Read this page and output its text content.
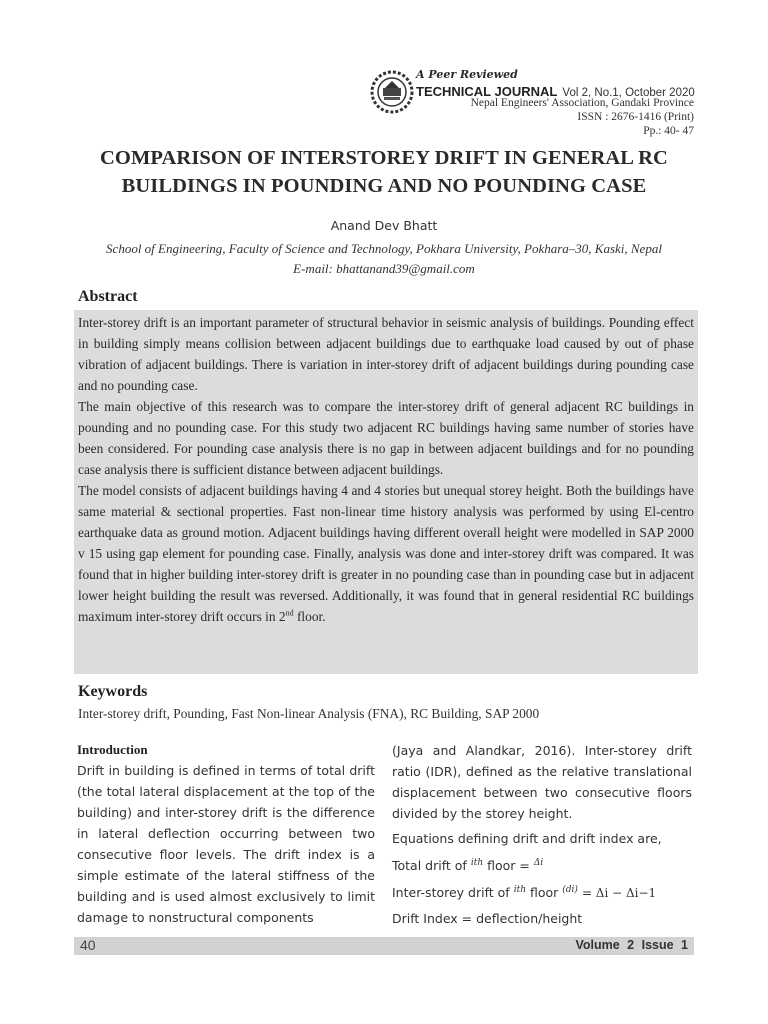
A Peer Reviewed
TECHNICAL JOURNAL Vol 2, No.1, October 2020
Nepal Engineers' Association, Gandaki Province
ISSN : 2676-1416 (Print)
Pp.: 40- 47
COMPARISON OF INTERSTOREY DRIFT IN GENERAL RC BUILDINGS IN POUNDING AND NO POUNDING CASE
Anand Dev Bhatt
School of Engineering, Faculty of Science and Technology, Pokhara University, Pokhara–30, Kaski, Nepal
E-mail: bhattanand39@gmail.com
Abstract

Inter-storey drift is an important parameter of structural behavior in seismic analysis of buildings. Pounding effect in building simply means collision between adjacent buildings due to earthquake load caused by out of phase vibration of adjacent buildings. There is variation in inter-storey drift of adjacent buildings during pounding case and no pounding case.

The main objective of this research was to compare the inter-storey drift of general adjacent RC buildings in pounding and no pounding case. For this study two adjacent RC buildings having same number of stories have been considered. For pounding case analysis there is no gap in between adjacent buildings and for no pounding case analysis there is sufficient distance between adjacent buildings.

The model consists of adjacent buildings having 4 and 4 stories but unequal storey height. Both the buildings have same material & sectional properties. Fast non-linear time history analysis was performed by using El-centro earthquake data as ground motion. Adjacent buildings having different overall height were modelled in SAP 2000 v 15 using gap element for pounding case. Finally, analysis was done and inter-storey drift was compared. It was found that in higher building inter-storey drift is greater in no pounding case than in pounding case but in adjacent lower height building the result was reversed. Additionally, it was found that in general residential RC buildings maximum inter-storey drift occurs in 2nd floor.

Keywords
Inter-storey drift, Pounding, Fast Non-linear Analysis (FNA), RC Building, SAP 2000
Introduction

Drift in building is defined in terms of total drift (the total lateral displacement at the top of the building) and inter-storey drift is the difference in lateral deflection occurring between two consecutive floor levels. The drift index is a simple estimate of the lateral stiffness of the building and is used almost exclusively to limit damage to nonstructural components

(Jaya and Alandkar, 2016). Inter-storey drift ratio (IDR), defined as the relative translational displacement between two consecutive floors divided by the storey height.
Equations defining drift and drift index are,
Total drift of $^{ith}$ floor = $^{\Delta i}$
Inter-storey drift of $^{ith}$ floor $^{(di)}$ = Δi − Δi−1
Drift Index = deflection/height
40	Volume 2 Issue 1
